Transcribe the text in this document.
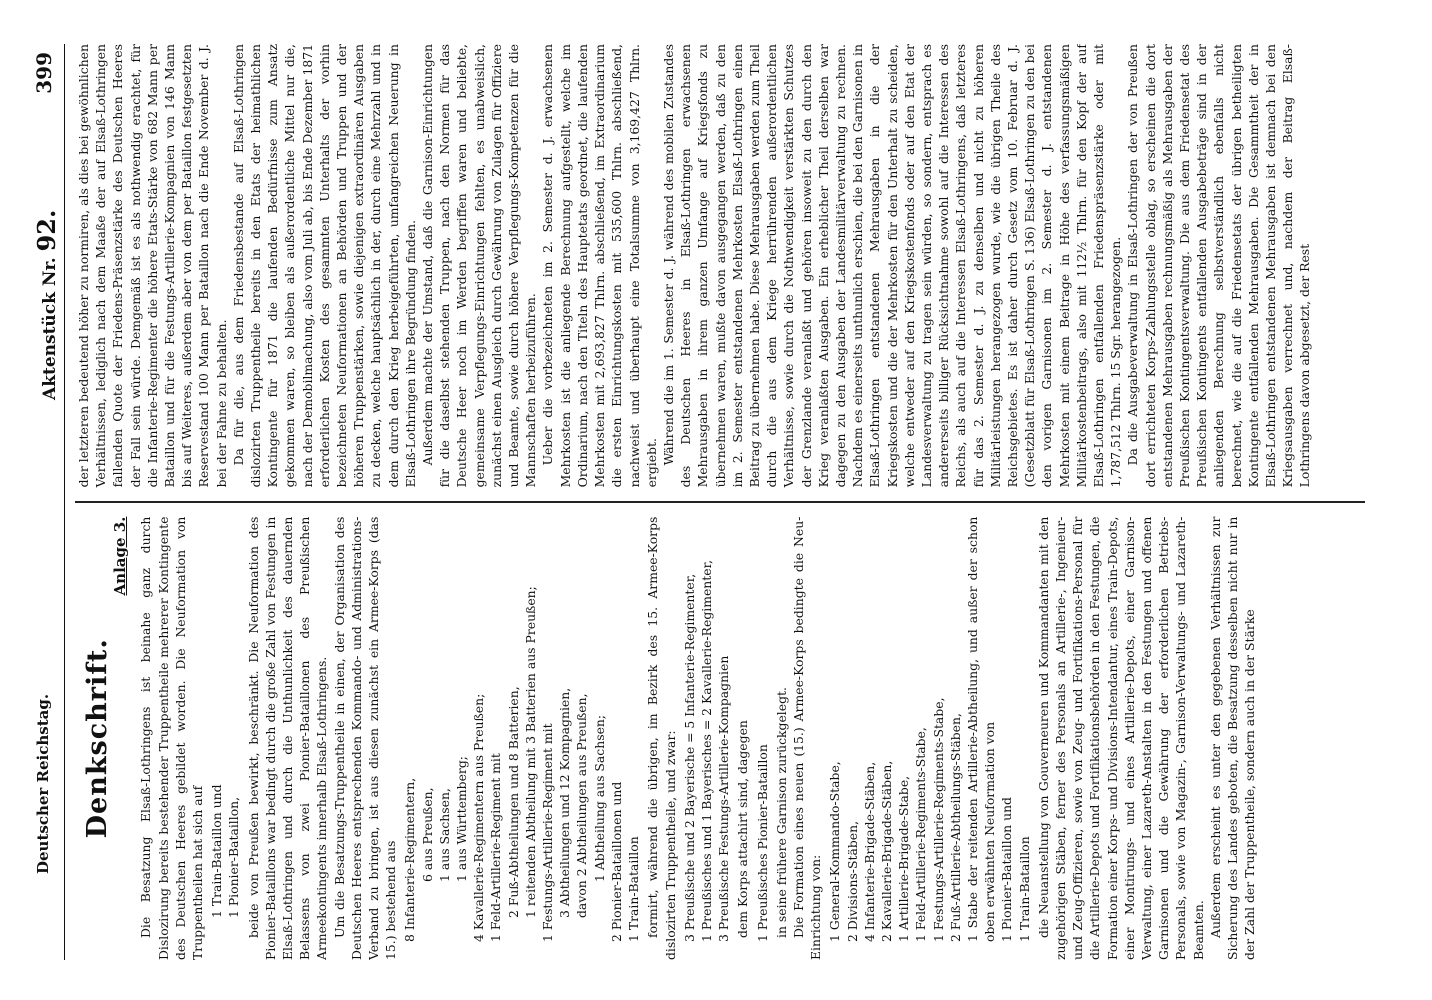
Deutscher Reichstag.
Aktenstück Nr. 92.
399
Denkschrift.
Anlage 3. Die Besatzung Elsaß-Lothringens ist beinahe ganz durch Dislozirung bereits bestehender Truppentheile mehrerer Kontingente des Deutschen Heeres gebildet worden. Die Neuformation von Truppentheilen hat sich auf 1 Train-Bataillon und 1 Pionier-Bataillon, beide von Preußen bewirkt, beschränkt. Die Neuformation des Pionier-Bataillons war bedingt durch die große Zahl von Festungen in Elsaß-Lothringen und durch die Unthunlichkeit des dauernden Belassens von zwei Pionier-Bataillonen des Preußischen Armeekontingents innerhalb Elsaß-Lothringens. Um die Besatzungs-Truppentheile in einen, der Organisation des Deutschen Heeres entsprechenden Kommando- und Administrations-Verband zu bringen, ist aus diesen zunächst ein Armee-Korps (das 15.) bestehend aus 8 Infanterie-Regimentern, 6 aus Preußen, 1 aus Sachsen, 1 aus Württemberg; 4 Kavallerie-Regimentern aus Preußen; 1 Feld-Artillerie-Regiment mit 2 Fuß-Abtheilungen und 8 Batterien, 1 reitenden Abtheilung mit 3 Batterien aus Preußen; 1 Festungs-Artillerie-Regiment mit 3 Abtheilungen und 12 Kompagnien, davon 2 Abtheilungen aus Preußen, 1 Abtheilung aus Sachsen; 2 Pionier-Bataillonen und 1 Train-Bataillon formirt, während die übrigen, im Bezirk des 15. Armee-Korps dislozirten Truppentheile, und zwar: 3 Preußische und 2 Bayerische = 5 Infanterie-Regimenter, 1 Preußisches und 1 Bayerisches = 2 Kavallerie-Regimenter, 3 Preußische Festungs-Artillerie-Kompagnien dem Korps attachirt sind, dagegen 1 Preußisches Pionier-Bataillon in seine frühere Garnison zurückgelegt. Die Formation eines neuen (15.) Armee-Korps bedingte die Neu-Einrichtung von: 1 General-Kommando-Stabe, 2 Divisions-Stäben, 4 Infanterie-Brigade-Stäben, 2 Kavallerie-Brigade-Stäben, 1 Artillerie-Brigade-Stabe, 1 Feld-Artillerie-Regiments-Stabe, 1 Festungs-Artillerie-Regiments-Stabe, 2 Fuß-Artillerie-Abtheilungs-Stäben, 1 Stabe der reitenden Artillerie-Abtheilung, und außer der schon oben erwähnten Neuformation von 1 Pionier-Bataillon und 1 Train-Bataillon die Neuanstellung von Gouverneuren und Kommandanten mit den zugehörigen Stäben, ferner des Personals an Artillerie-, Ingenieur- und Zeug-Offizieren, sowie von Zeug- und Fortifikations-Personal für die Artillerie-Depots und Fortifikationsbehörden in den Festungen, die Formation einer Korps- und Divisions-Intendantur, eines Train-Depots, einer Montirungs- und eines Artillerie-Depots, einer Garnison-Verwaltung, einer Lazareth-Anstalten in den Festungen und offenen Garnisonen und die Gewährung der erforderlichen Betriebs-Personals, sowie von Magazin-, Garnison-Verwaltungs- und Lazareth-Beamten. Außerdem erscheint es unter den gegebenen Verhältnissen zur Sicherung des Landes geboten, die Besatzung desselben nicht nur in der Zahl der Truppentheile, sondern auch in der Stärke

der letzteren bedeutend höher zu normiren, als dies bei gewöhnlichen Verhältnissen, lediglich nach dem Maaße der auf Elsaß-Lothringen fallenden Quote der Friedens-Präsenzstärke des Deutschen Heeres der Fall sein würde. Demgemäß ist es als nothwendig erachtet, für die Infanterie-Regimenter die höhere Etats-Stärke von 682 Mann per Bataillon und für die Festungs-Artillerie-Kompagnien von 146 Mann bis auf Weiteres, außerdem aber von dem per Bataillon festgesetzten Reservestand 100 Mann per Bataillon nach die Ende November d. J. bei der Fahne zu behalten. Da für die, aus dem Friedensbestande auf Elsaß-Lothringen dislozirten Truppentheile bereits in den Etats der heimathlichen Kontingente für 1871 die laufenden Bedürfnisse zum Ansatz gekommen waren, so bleiben als außerordentliche Mittel nur die, nach der Demobilmachung, also vom Juli ab, bis Ende Dezember 1871 erforderlichen Kosten des gesammten Unterhalts der vorhin bezeichneten Neuformationen an Behörden und Truppen und der höheren Truppenstärken, sowie diejenigen extraordinären Ausgaben zu decken, welche hauptsächlich in der, durch eine Mehrzahl und in dem durch den Krieg herbeigeführten, umfangreichen Neuerung in Elsaß-Lothringen ihre Begründung finden. Außerdem machte der Umstand, daß die Garnison-Einrichtungen für die daselbst stehenden Truppen, nach den Normen für das Deutsche Heer noch im Werden begriffen waren und beliebte, gemeinsame Verpflegungs-Einrichtungen fehlten, es unabweislich, zunächst einen Ausgleich durch Gewährung von Zulagen für Offiziere und Beamte, sowie durch höhere Verpflegungs-Kompetenzen für die Mannschaften herbeizuführen. Ueber die vorbezeichneten im 2. Semester d. J. erwachsenen Mehrkosten ist die anliegende Berechnung aufgestellt, welche im Ordinarium, nach den Titeln des Hauptetats geordnet, die laufenden Mehrkosten mit 2,693,827 Thlrn. abschließend, im Extraordinarium die ersten Einrichtungskosten mit 535,600 Thlrn. abschließend, nachweist und überhaupt eine Totalsumme von 3,169,427 Thlrn. ergiebt. Während die im 1. Semester d. J. während des mobilen Zustandes des Deutschen Heeres in Elsaß-Lothringen erwachsenen Mehrausgaben in ihrem ganzen Umfange auf Kriegsfonds zu übernehmen waren, mußte davon ausgegangen werden, daß zu den im 2. Semester entstandenen Mehrkosten Elsaß-Lothringen einen Beitrag zu übernehmen habe. Diese Mehrausgaben werden zum Theil durch die aus dem Kriege herrührenden außerordentlichen Verhältnisse, sowie durch die Nothwendigkeit verstärkten Schutzes der Grenzlande veranlaßt und gehören insoweit zu den durch den Krieg veranlaßten Ausgaben. Ein erheblicher Theil derselben war dagegen zu den Ausgaben der Landesmilitärverwaltung zu rechnen. Nachdem es einerseits unthunlich erschien, die bei den Garnisonen in Elsaß-Lothringen entstandenen Mehrausgaben in die der Kriegskosten und die der Mehrkosten für den Unterhalt zu scheiden, welche entweder auf den Kriegskostenfonds oder auf den Etat der Landesverwaltung zu tragen sein würden, so sondern, entsprach es andererseits billiger Rücksichtnahme sowohl auf die Interessen des Reichs, als auch auf die Interessen Elsaß-Lothringens, daß letzteres für das 2. Semester d. J. zu denselben und nicht zu höheren Militärleistungen herangezogen wurde, wie die übrigen Theile des Reichsgebietes. Es ist daher durch Gesetz vom 10. Februar d. J. (Gesetzblatt für Elsaß-Lothringen S. 136) Elsaß-Lothringen zu den bei den vorigen Garnisonen im 2. Semester d. J. entstandenen Mehrkosten mit einem Beitrage in Höhe des verfassungsmäßigen Militärkostenbeitrags, also mit 112½ Thlrn. für den Kopf der auf Elsaß-Lothringen entfallenden Friedenspräsenzstärke oder mit 1,787,512 Thlrn. 15 Sgr. herangezogen. Da die Ausgabeverwaltung in Elsaß-Lothringen der von Preußen dort errichteten Korps-Zahlungsstelle oblag, so erscheinen die dort entstandenen Mehrausgaben rechnungsmäßig als Mehrausgaben der Preußischen Kontingentsverwaltung. Die aus dem Friedensetat des Preußischen Kontingents entfallenden Ausgabebeträge sind in der anliegenden Berechnung selbstverständlich ebenfalls nicht berechnet, wie die auf die Friedensetats der übrigen betheiligten Kontingente entfallenden Mehrausgaben. Die Gesammtheit der in Elsaß-Lothringen entstandenen Mehrausgaben ist demnach bei den Kriegsausgaben verrechnet und, nachdem der Beitrag Elsaß-Lothringens davon abgesetzt, der Rest
